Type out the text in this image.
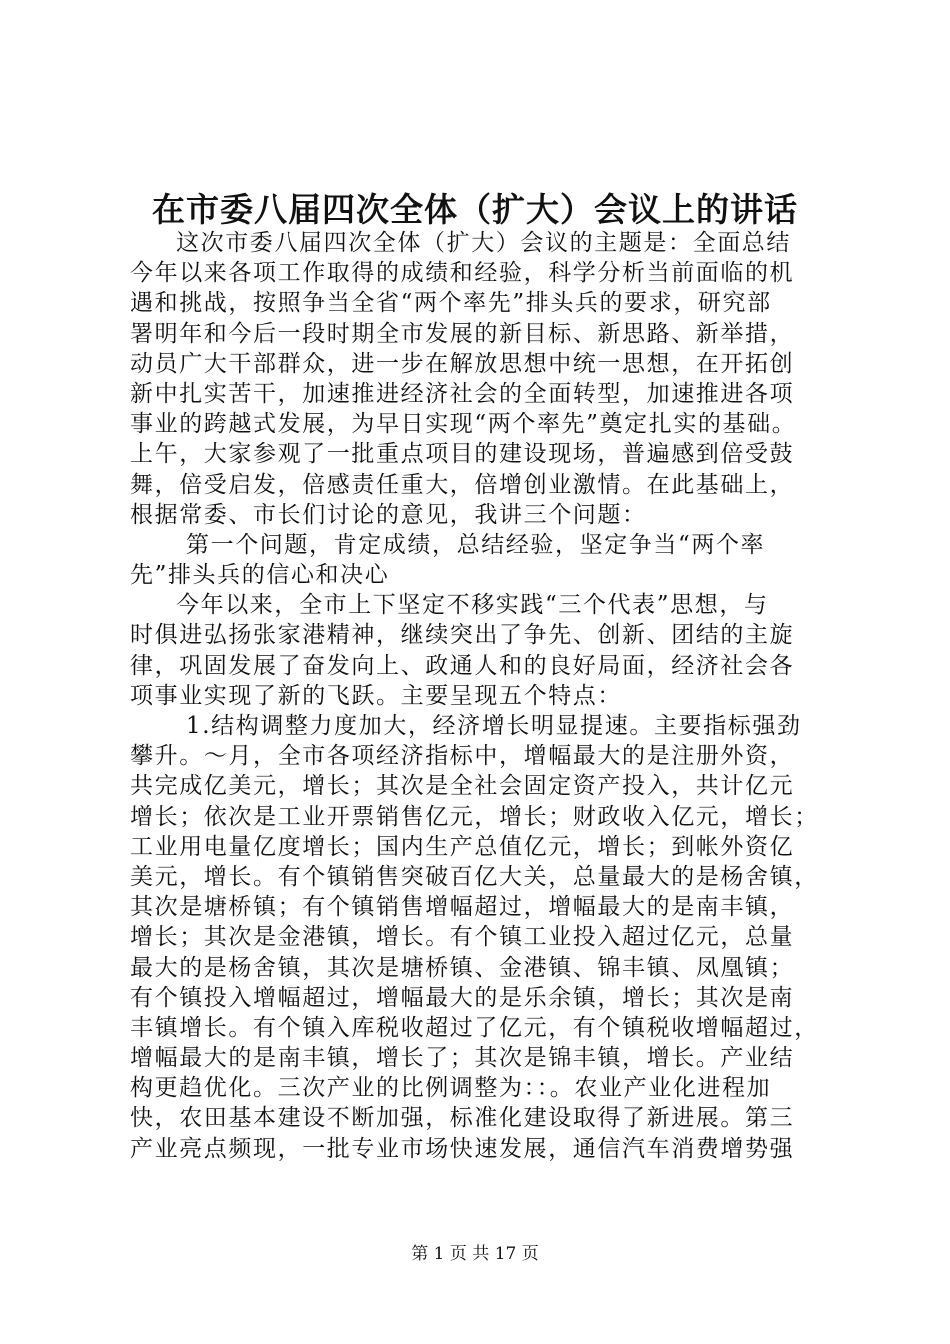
在市委八届四次全体（扩大）会议上的讲话
这次市委八届四次全体（扩大）会议的主题是：全面总结
今年以来各项工作取得的成绩和经验，科学分析当前面临的机
遇和挑战，按照争当全省“两个率先”排头兵的要求，研究部
署明年和今后一段时期全市发展的新目标、新思路、新举措，
动员广大干部群众，进一步在解放思想中统一思想，在开拓创
新中扎实苦干，加速推进经济社会的全面转型，加速推进各项
事业的跨越式发展，为早日实现“两个率先”奠定扎实的基础。
上午，大家参观了一批重点项目的建设现场，普遍感到倍受鼓
舞，倍受启发，倍感责任重大，倍增创业激情。在此基础上，
根据常委、市长们讨论的意见，我讲三个问题：
第一个问题，肯定成绩，总结经验，坚定争当“两个率
先”排头兵的信心和决心
今年以来，全市上下坚定不移实践“三个代表”思想，与
时俱进弘扬张家港精神，继续突出了争先、创新、团结的主旋
律，巩固发展了奋发向上、政通人和的良好局面，经济社会各
项事业实现了新的飞跃。主要呈现五个特点：
1.结构调整力度加大，经济增长明显提速。主要指标强劲
攀升。～月，全市各项经济指标中，增幅最大的是注册外资，
共完成亿美元，增长；其次是全社会固定资产投入，共计亿元
增长；依次是工业开票销售亿元，增长；财政收入亿元，增长；
工业用电量亿度增长；国内生产总值亿元，增长；到帐外资亿
美元，增长。有个镇销售突破百亿大关，总量最大的是杨舍镇，
其次是塘桥镇；有个镇销售增幅超过，增幅最大的是南丰镇，
增长；其次是金港镇，增长。有个镇工业投入超过亿元，总量
最大的是杨舍镇，其次是塘桥镇、金港镇、锦丰镇、凤凰镇；
有个镇投入增幅超过，增幅最大的是乐余镇，增长；其次是南
丰镇增长。有个镇入库税收超过了亿元，有个镇税收增幅超过，
增幅最大的是南丰镇，增长了；其次是锦丰镇，增长。产业结
构更趋优化。三次产业的比例调整为：：。农业产业化进程加
快，农田基本建设不断加强，标准化建设取得了新进展。第三
产业亮点频现，一批专业市场快速发展，通信汽车消费增势强
第 1 页 共 17 页
